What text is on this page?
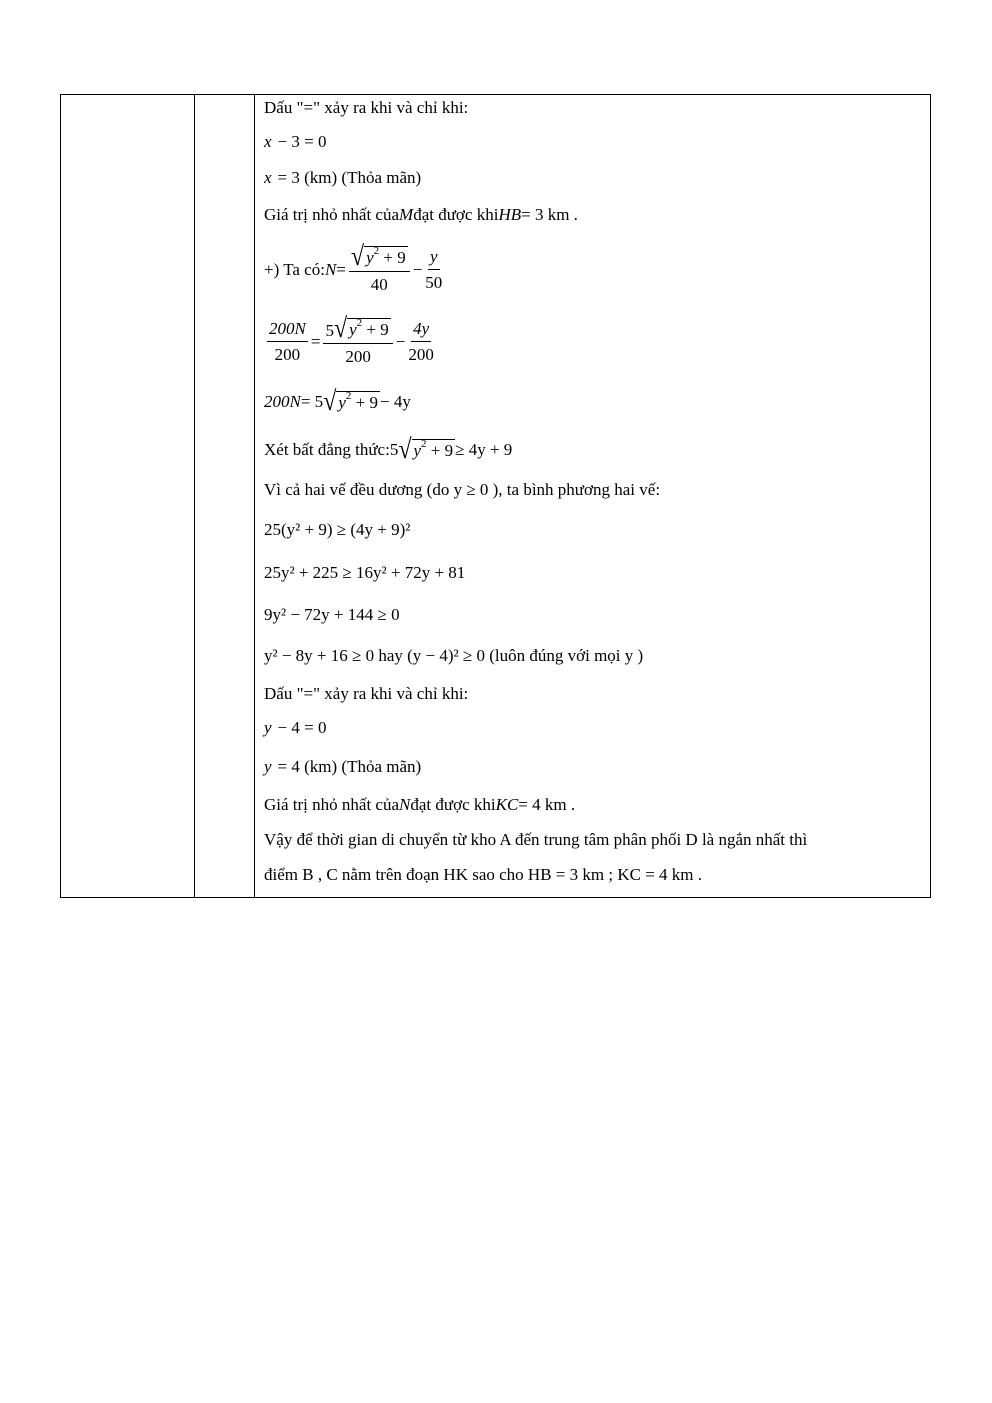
Dấu "=" xảy ra khi và chỉ khi:
x − 3 = 0
x = 3 (km) (Thỏa mãn)
Giá trị nhỏ nhất của M đạt được khi HB = 3 km .
+) Ta có: $N = \frac{√ y^2 + 9}{40} - \frac{y}{50}$
$\frac{200N}{200} = \frac{5 √ y^2 + 9}{200} - \frac{4y}{200}$
200N = 5 √ $y^2 + 9 - 4y$
Xét bất đẳng thức: 5 √ $y^2 + 9 \ge 4y + 9$
Vì cả hai vế đều dương (do y ≥ 0 ), ta bình phương hai vế:
25(y² + 9) ≥ (4y + 9)²
25y² + 225 ≥ 16y² + 72y + 81
9y² − 72y + 144 ≥ 0
y² − 8y + 16 ≥ 0 hay (y − 4)² ≥ 0 (luôn đúng với mọi y )
Dấu "=" xảy ra khi và chỉ khi:
y − 4 = 0
y = 4 (km) (Thỏa mãn)
Giá trị nhỏ nhất của N đạt được khi KC = 4 km .
Vậy để thời gian di chuyển từ kho A đến trung tâm phân phối D là ngắn nhất thì
điểm B , C nằm trên đoạn HK sao cho HB = 3 km ; KC = 4 km .
